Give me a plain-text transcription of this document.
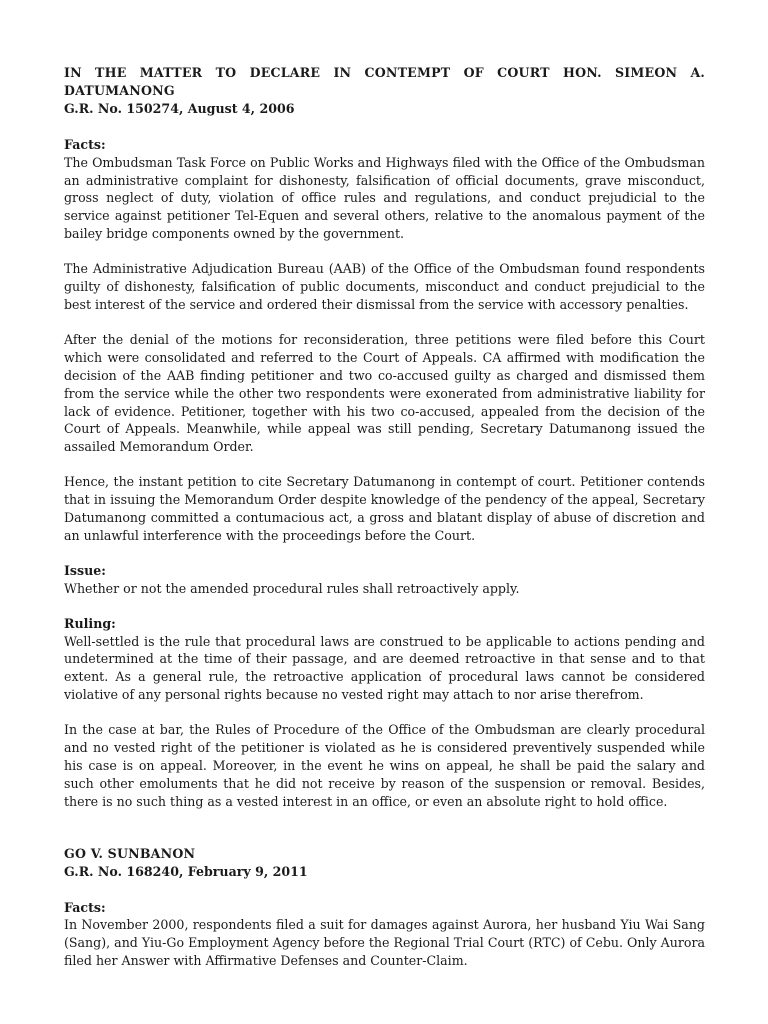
IN THE MATTER TO DECLARE IN CONTEMPT OF COURT HON. SIMEON A. DATUMANONG

G.R. No. 150274, August 4, 2006

Facts:

The Ombudsman Task Force on Public Works and Highways filed with the Office of the Ombudsman an administrative complaint for dishonesty, falsification of official documents, grave misconduct, gross neglect of duty, violation of office rules and regulations, and conduct prejudicial to the service against petitioner Tel-Equen and several others, relative to the anomalous payment of the bailey bridge components owned by the government.

The Administrative Adjudication Bureau (AAB) of the Office of the Ombudsman found respondents guilty of dishonesty, falsification of public documents, misconduct and conduct prejudicial to the best interest of the service and ordered their dismissal from the service with accessory penalties.

After the denial of the motions for reconsideration, three petitions were filed before this Court which were consolidated and referred to the Court of Appeals. CA affirmed with modification the decision of the AAB finding petitioner and two co-accused guilty as charged and dismissed them from the service while the other two respondents were exonerated from administrative liability for lack of evidence. Petitioner, together with his two co-accused, appealed from the decision of the Court of Appeals. Meanwhile, while appeal was still pending, Secretary Datumanong issued the assailed Memorandum Order.

Hence, the instant petition to cite Secretary Datumanong in contempt of court. Petitioner contends that in issuing the Memorandum Order despite knowledge of the pendency of the appeal, Secretary Datumanong committed a contumacious act, a gross and blatant display of abuse of discretion and an unlawful interference with the proceedings before the Court.

Issue:

Whether or not the amended procedural rules shall retroactively apply.

Ruling:

Well-settled is the rule that procedural laws are construed to be applicable to actions pending and undetermined at the time of their passage, and are deemed retroactive in that sense and to that extent. As a general rule, the retroactive application of procedural laws cannot be considered violative of any personal rights because no vested right may attach to nor arise therefrom.

In the case at bar, the Rules of Procedure of the Office of the Ombudsman are clearly procedural and no vested right of the petitioner is violated as he is considered preventively suspended while his case is on appeal. Moreover, in the event he wins on appeal, he shall be paid the salary and such other emoluments that he did not receive by reason of the suspension or removal. Besides, there is no such thing as a vested interest in an office, or even an absolute right to hold office.

GO V. SUNBANON

G.R. No. 168240, February 9, 2011

Facts:

In November 2000, respondents filed a suit for damages against Aurora, her husband Yiu Wai Sang (Sang), and Yiu-Go Employment Agency before the Regional Trial Court (RTC) of Cebu. Only Aurora filed her Answer with Affirmative Defenses and Counter-Claim.
